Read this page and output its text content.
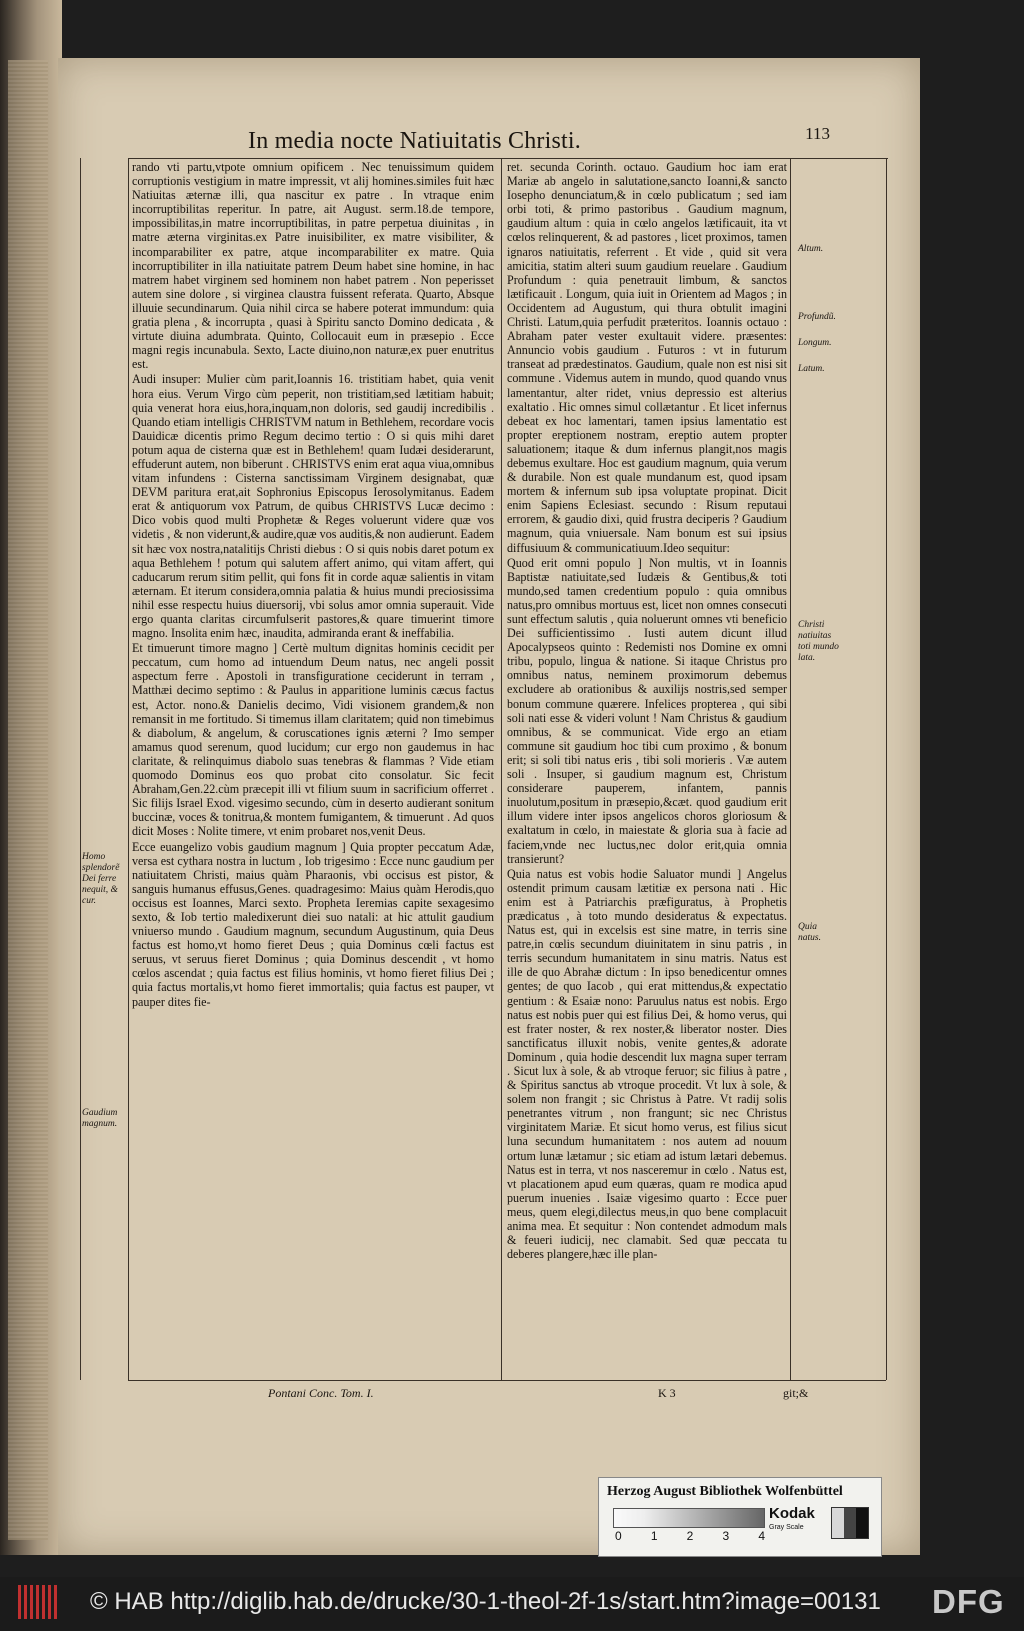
In media nocte Natiuitatis Christi.	113

rando vti partu,vtpote omnium opificem . Nec tenuissimum quidem corruptionis vestigium in matre impressit, vt alij homines.similes fuit hæc Natiuitas æternæ illi, qua nascitur ex patre . In vtraque enim incorruptibilitas reperitur. In patre, ait August. serm.18.de tempore, impossibilitas,in matre incorruptibilitas, in patre perpetua diuinitas , in matre æterna virginitas.ex Patre inuisibiliter, ex matre visibiliter, & incomparabiliter ex patre, atque incomparabiliter ex matre. Quia incorruptibiliter in illa natiuitate patrem Deum habet sine homine, in hac matrem habet virginem sed hominem non habet patrem . Non peperisset autem sine dolore , si virginea claustra fuissent referata. Quarto, Absque illuuie secundinarum. Quia nihil circa se habere poterat immundum: quia gratia plena , & incorrupta , quasi à Spiritu sancto Domino dedicata , & virtute diuina adumbrata. Quinto, Collocauit eum in præsepio . Ecce magni regis incunabula. Sexto, Lacte diuino,non naturæ,ex puer enutritus est.

Audi insuper: Mulier cùm parit,Ioannis 16. tristitiam habet, quia venit hora eius. Verum Virgo cùm peperit, non tristitiam,sed lætitiam habuit; quia venerat hora eius,hora,inquam,non doloris, sed gaudij incredibilis . Quando etiam intelligis CHRISTVM natum in Bethlehem, recordare vocis Dauidicæ dicentis primo Regum decimo tertio : O si quis mihi daret potum aqua de cisterna quæ est in Bethlehem! quam Iudæi desiderarunt, effuderunt autem, non biberunt . CHRISTVS enim erat aqua viua,omnibus vitam infundens : Cisterna sanctissimam Virginem designabat, quæ DEVM paritura erat,ait Sophronius Episcopus Ierosolymitanus. Eadem erat & antiquorum vox Patrum, de quibus CHRISTVS Lucæ decimo : Dico vobis quod multi Prophetæ & Reges voluerunt videre quæ vos videtis , & non viderunt,& audire,quæ vos auditis,& non audierunt. Eadem sit hæc vox nostra,natalitijs Christi diebus : O si quis nobis daret potum ex aqua Bethlehem ! potum qui salutem affert animo, qui vitam affert, qui caducarum rerum sitim pellit, qui fons fit in corde aquæ salientis in vitam æternam. Et iterum considera,omnia palatia & huius mundi preciosissima nihil esse respectu huius diuersorij, vbi solus amor omnia superauit. Vide ergo quanta claritas circumfulserit pastores,& quare timuerint timore magno. Insolita enim hæc, inaudita, admiranda erant & ineffabilia.

Et timuerunt timore magno ] Certè multum dignitas hominis cecidit per peccatum, cum homo ad intuendum Deum natus, nec angeli possit aspectum ferre . Apostoli in transfiguratione ceciderunt in terram , Matthæi decimo septimo : & Paulus in apparitione luminis cæcus factus est, Actor. nono.& Danielis decimo, Vidi visionem grandem,& non remansit in me fortitudo. Si timemus illam claritatem; quid non timebimus & diabolum, & angelum, & coruscationes ignis æterni ? Imo semper amamus quod serenum, quod lucidum; cur ergo non gaudemus in hac claritate, & relinquimus diabolo suas tenebras & flammas ? Vide etiam quomodo Dominus eos quo probat cito consolatur. Sic fecit Abraham,Gen.22.cùm præcepit illi vt filium suum in sacrificium offerret . Sic filijs Israel Exod. vigesimo secundo, cùm in deserto audierant sonitum buccinæ, voces & tonitrua,& montem fumigantem, & timuerunt . Ad quos dicit Moses : Nolite timere, vt enim probaret nos,venit Deus.

Ecce euangelizo vobis gaudium magnum ] Quia propter peccatum Adæ, versa est cythara nostra in luctum , Iob trigesimo : Ecce nunc gaudium per natiuitatem Christi, maius quàm Pharaonis, vbi occisus est pistor, & sanguis humanus effusus,Genes. quadragesimo: Maius quàm Herodis,quo occisus est Ioannes, Marci sexto. Propheta Ieremias capite sexagesimo sexto, & Iob tertio maledixerunt diei suo natali: at hic attulit gaudium vniuerso mundo . Gaudium magnum, secundum Augustinum, quia Deus factus est homo,vt homo fieret Deus ; quia Dominus cœli factus est seruus, vt seruus fieret Dominus ; quia Dominus descendit , vt homo cœlos ascendat ; quia factus est filius hominis, vt homo fieret filius Dei ; quia factus mortalis,vt homo fieret immortalis; quia factus est pauper, vt pauper dites fie-

ret. secunda Corinth. octauo. Gaudium hoc iam erat Mariæ ab angelo in salutatione,sancto Ioanni,& sancto Iosepho denunciatum,& in cœlo publicatum ; sed iam orbi toti, & primo pastoribus . Gaudium magnum, gaudium altum : quia in cœlo angelos lætificauit, ita vt cœlos relinquerent, & ad pastores , licet proximos, tamen ignaros natiuitatis, referrent . Et vide , quid sit vera amicitia, statim alteri suum gaudium reuelare . Gaudium Profundum : quia penetrauit limbum, & sanctos lætificauit . Longum, quia iuit in Orientem ad Magos ; in Occidentem ad Augustum, qui thura obtulit imagini Christi. Latum,quia perfudit præteritos. Ioannis octauo : Abraham pater vester exultauit videre. præsentes: Annuncio vobis gaudium . Futuros : vt in futurum transeat ad prædestinatos. Gaudium, quale non est nisi sit commune . Videmus autem in mundo, quod quando vnus lamentantur, alter ridet, vnius depressio est alterius exaltatio . Hic omnes simul collætantur . Et licet infernus debeat ex hoc lamentari, tamen ipsius lamentatio est propter ereptionem nostram, ereptio autem propter saluationem; itaque & dum infernus plangit,nos magis debemus exultare. Hoc est gaudium magnum, quia verum & durabile. Non est quale mundanum est, quod ipsam mortem & infernum sub ipsa voluptate propinat. Dicit enim Sapiens Eclesiast. secundo : Risum reputaui errorem, & gaudio dixi, quid frustra deciperis ? Gaudium magnum, quia vniuersale. Nam bonum est sui ipsius diffusiuum & communicatiuum.Ideo sequitur:

Quod erit omni populo ] Non multis, vt in Ioannis Baptistæ natiuitate,sed Iudæis & Gentibus,& toti mundo,sed tamen credentium populo : quia omnibus natus,pro omnibus mortuus est, licet non omnes consecuti sunt effectum salutis , quia noluerunt omnes vti beneficio Dei sufficientissimo . Iusti autem dicunt illud Apocalypseos quinto : Redemisti nos Domine ex omni tribu, populo, lingua & natione. Si itaque Christus pro omnibus natus, neminem proximorum debemus excludere ab orationibus & auxilijs nostris,sed semper bonum commune quærere. Infelices propterea , qui sibi soli nati esse & videri volunt ! Nam Christus & gaudium omnibus, & se communicat. Vide ergo an etiam commune sit gaudium hoc tibi cum proximo , & bonum erit; si soli tibi natus eris , tibi soli morieris . Væ autem soli . Insuper, si gaudium magnum est, Christum considerare pauperem, infantem, pannis inuolutum,positum in præsepio,&cæt. quod gaudium erit illum videre inter ipsos angelicos choros gloriosum & exaltatum in cœlo, in maiestate & gloria sua à facie ad faciem,vnde nec luctus,nec dolor erit,quia omnia transierunt?

Quia natus est vobis hodie Saluator mundi ] Angelus ostendit primum causam lætitiæ ex persona nati . Hic enim est à Patriarchis præfiguratus, à Prophetis prædicatus , à toto mundo desideratus & expectatus. Natus est, qui in excelsis est sine matre, in terris sine patre,in cœlis secundum diuinitatem in sinu patris , in terris secundum humanitatem in sinu matris. Natus est ille de quo Abrahæ dictum : In ipso benedicentur omnes gentes; de quo Iacob , qui erat mittendus,& expectatio gentium : & Esaiæ nono: Paruulus natus est nobis. Ergo natus est nobis puer qui est filius Dei, & homo verus, qui est frater noster, & rex noster,& liberator noster. Dies sanctificatus illuxit nobis, venite gentes,& adorate Dominum , quia hodie descendit lux magna super terram . Sicut lux à sole, & ab vtroque feruor; sic filius à patre , & Spiritus sanctus ab vtroque procedit. Vt lux à sole, & solem non frangit ; sic Christus à Patre. Vt radij solis penetrantes vitrum , non frangunt; sic nec Christus virginitatem Mariæ. Et sicut homo verus, est filius sicut luna secundum humanitatem : nos autem ad nouum ortum lunæ lætamur ; sic etiam ad istum lætari debemus. Natus est in terra, vt nos nasceremur in cœlo . Natus est, vt placationem apud eum quæras, quam re modica apud puerum inuenies . Isaiæ vigesimo quarto : Ecce puer meus, quem elegi,dilectus meus,in quo bene complacuit anima mea. Et sequitur : Non contendet admodum mals & feueri iudicij, nec clamabit. Sed quæ peccata tu deberes plangere,hæc ille plan-

Homo splendorẽ Dei ferre nequit, & cur.
Gaudium magnum.
Altum.
Profundũ.
Longum.
Latum.
Christi natiuitas toti mundo lata.
Quia natus.
Pontani Conc. Tom. I.	K 3	git;&
Herzog August Bibliothek Wolfenbüttel
0 1 2 3 4
Kodak
Gray Scale
© HAB http://diglib.hab.de/drucke/30-1-theol-2f-1s/start.htm?image=00131 DFG
